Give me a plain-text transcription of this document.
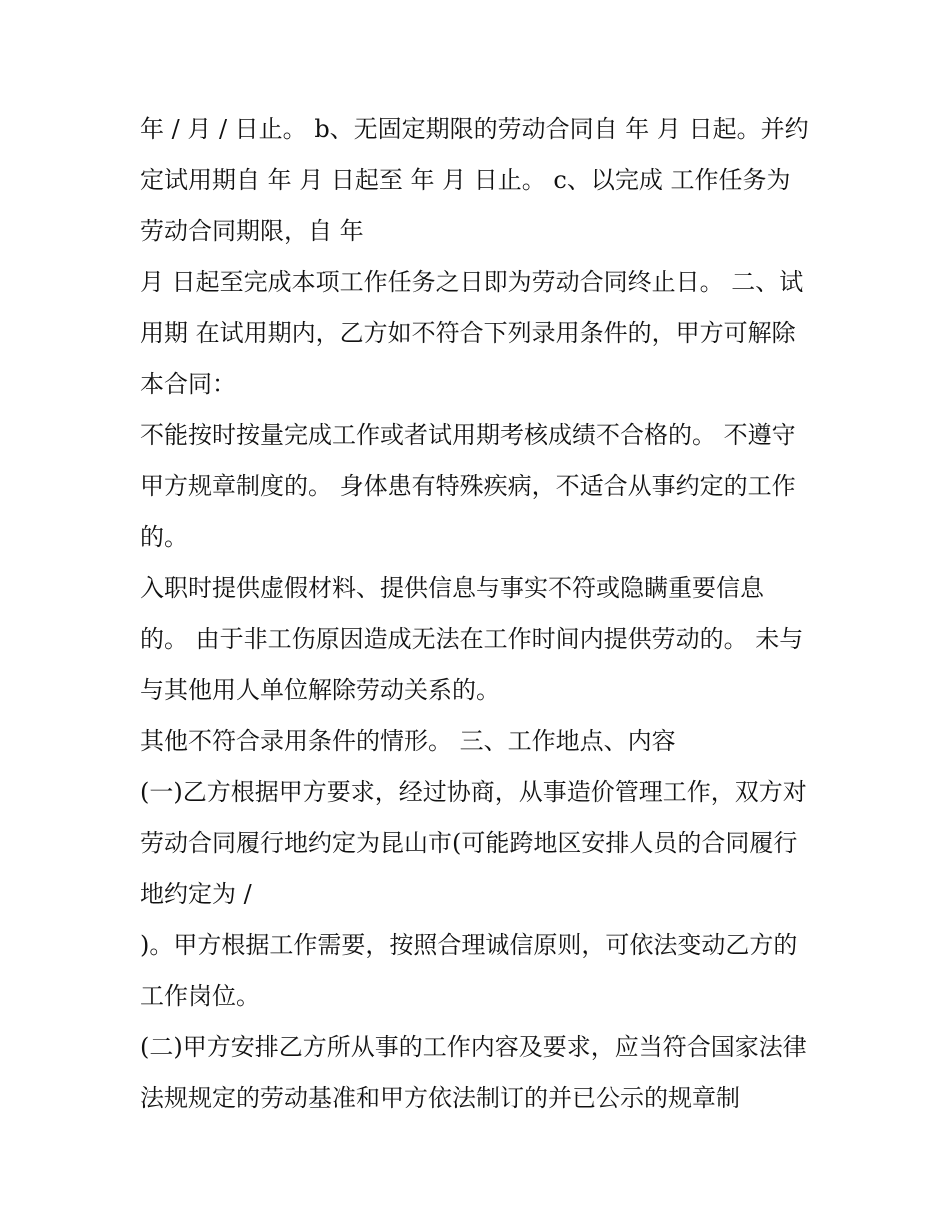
年 / 月 / 日止。 b、无固定期限的劳动合同自 年 月 日起。并约定试用期自 年 月 日起至 年 月 日止。 c、以完成 工作任务为劳动合同期限，自 年

月 日起至完成本项工作任务之日即为劳动合同终止日。 二、试用期 在试用期内，乙方如不符合下列录用条件的，甲方可解除本合同：

不能按时按量完成工作或者试用期考核成绩不合格的。 不遵守甲方规章制度的。 身体患有特殊疾病，不适合从事约定的工作的。

入职时提供虚假材料、提供信息与事实不符或隐瞒重要信息的。 由于非工伤原因造成无法在工作时间内提供劳动的。 未与与其他用人单位解除劳动关系的。

其他不符合录用条件的情形。 三、工作地点、内容

(一)乙方根据甲方要求，经过协商，从事造价管理工作，双方对劳动合同履行地约定为昆山市(可能跨地区安排人员的合同履行地约定为 /

)。甲方根据工作需要，按照合理诚信原则，可依法变动乙方的工作岗位。

(二)甲方安排乙方所从事的工作内容及要求，应当符合国家法律法规规定的劳动基准和甲方依法制订的并已公示的规章制
